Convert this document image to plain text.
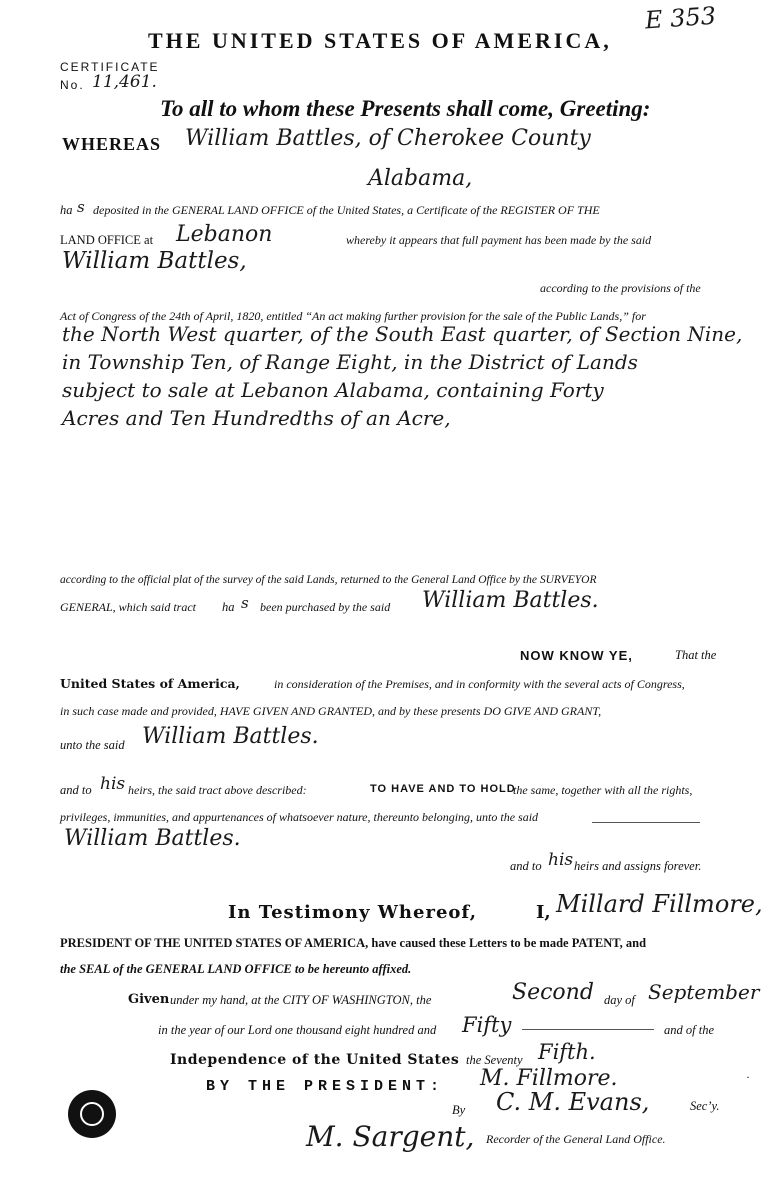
THE UNITED STATES OF AMERICA,
E 353
CERTIFICATE
No. 11,461.
To all to whom these Presents shall come, Greeting:
WHEREAS William Battles, of Cherokee County
Alabama,
ha s deposited in the GENERAL LAND OFFICE of the United States, a Certificate of the REGISTER OF THE
LAND OFFICE at Lebanon	whereby it appears that full payment has been made by the said
William Battles,
according to the provisions of the
Act of Congress of the 24th of April, 1820, entitled “An act making further provision for the sale of the Public Lands,” for
the North West quarter, of the South East quarter, of Section Nine,
in Township Ten, of Range Eight, in the District of Lands
subject to sale at Lebanon Alabama, containing Forty
Acres and Ten Hundredths of an Acre,
according to the official plat of the survey of the said Lands, returned to the General Land Office by the SURVEYOR
GENERAL, which said tract ha s been purchased by the said William Battles.
NOW KNOW YE,	That the
United States of America,	in consideration of the Premises, and in conformity with the several acts of Congress,
in such case made and provided, HAVE GIVEN AND GRANTED, and by these presents DO GIVE AND GRANT,
unto the said William Battles.
and to his heirs, the said tract above described:	TO HAVE AND TO HOLD
the same, together with all the rights,
privileges, immunities, and appurtenances of whatsoever nature, thereunto belonging, unto the said
William Battles.
and to his heirs and assigns forever.
In Testimony Whereof,	I, Millard Fillmore,
PRESIDENT OF THE UNITED STATES OF AMERICA, have caused these Letters to be made PATENT, and
the SEAL of the GENERAL LAND OFFICE to be hereunto affixed.
Given under my hand, at the CITY OF WASHINGTON, the	Second day of September
in the year of our Lord one thousand eight hundred and Fifty	and of the
Independence of the United States the Seventy Fifth.
BY THE PRESIDENT: M. Fillmore.	·
By C. M. Evans,	Sec’y.
M. Sargent, Recorder of the General Land Office.
